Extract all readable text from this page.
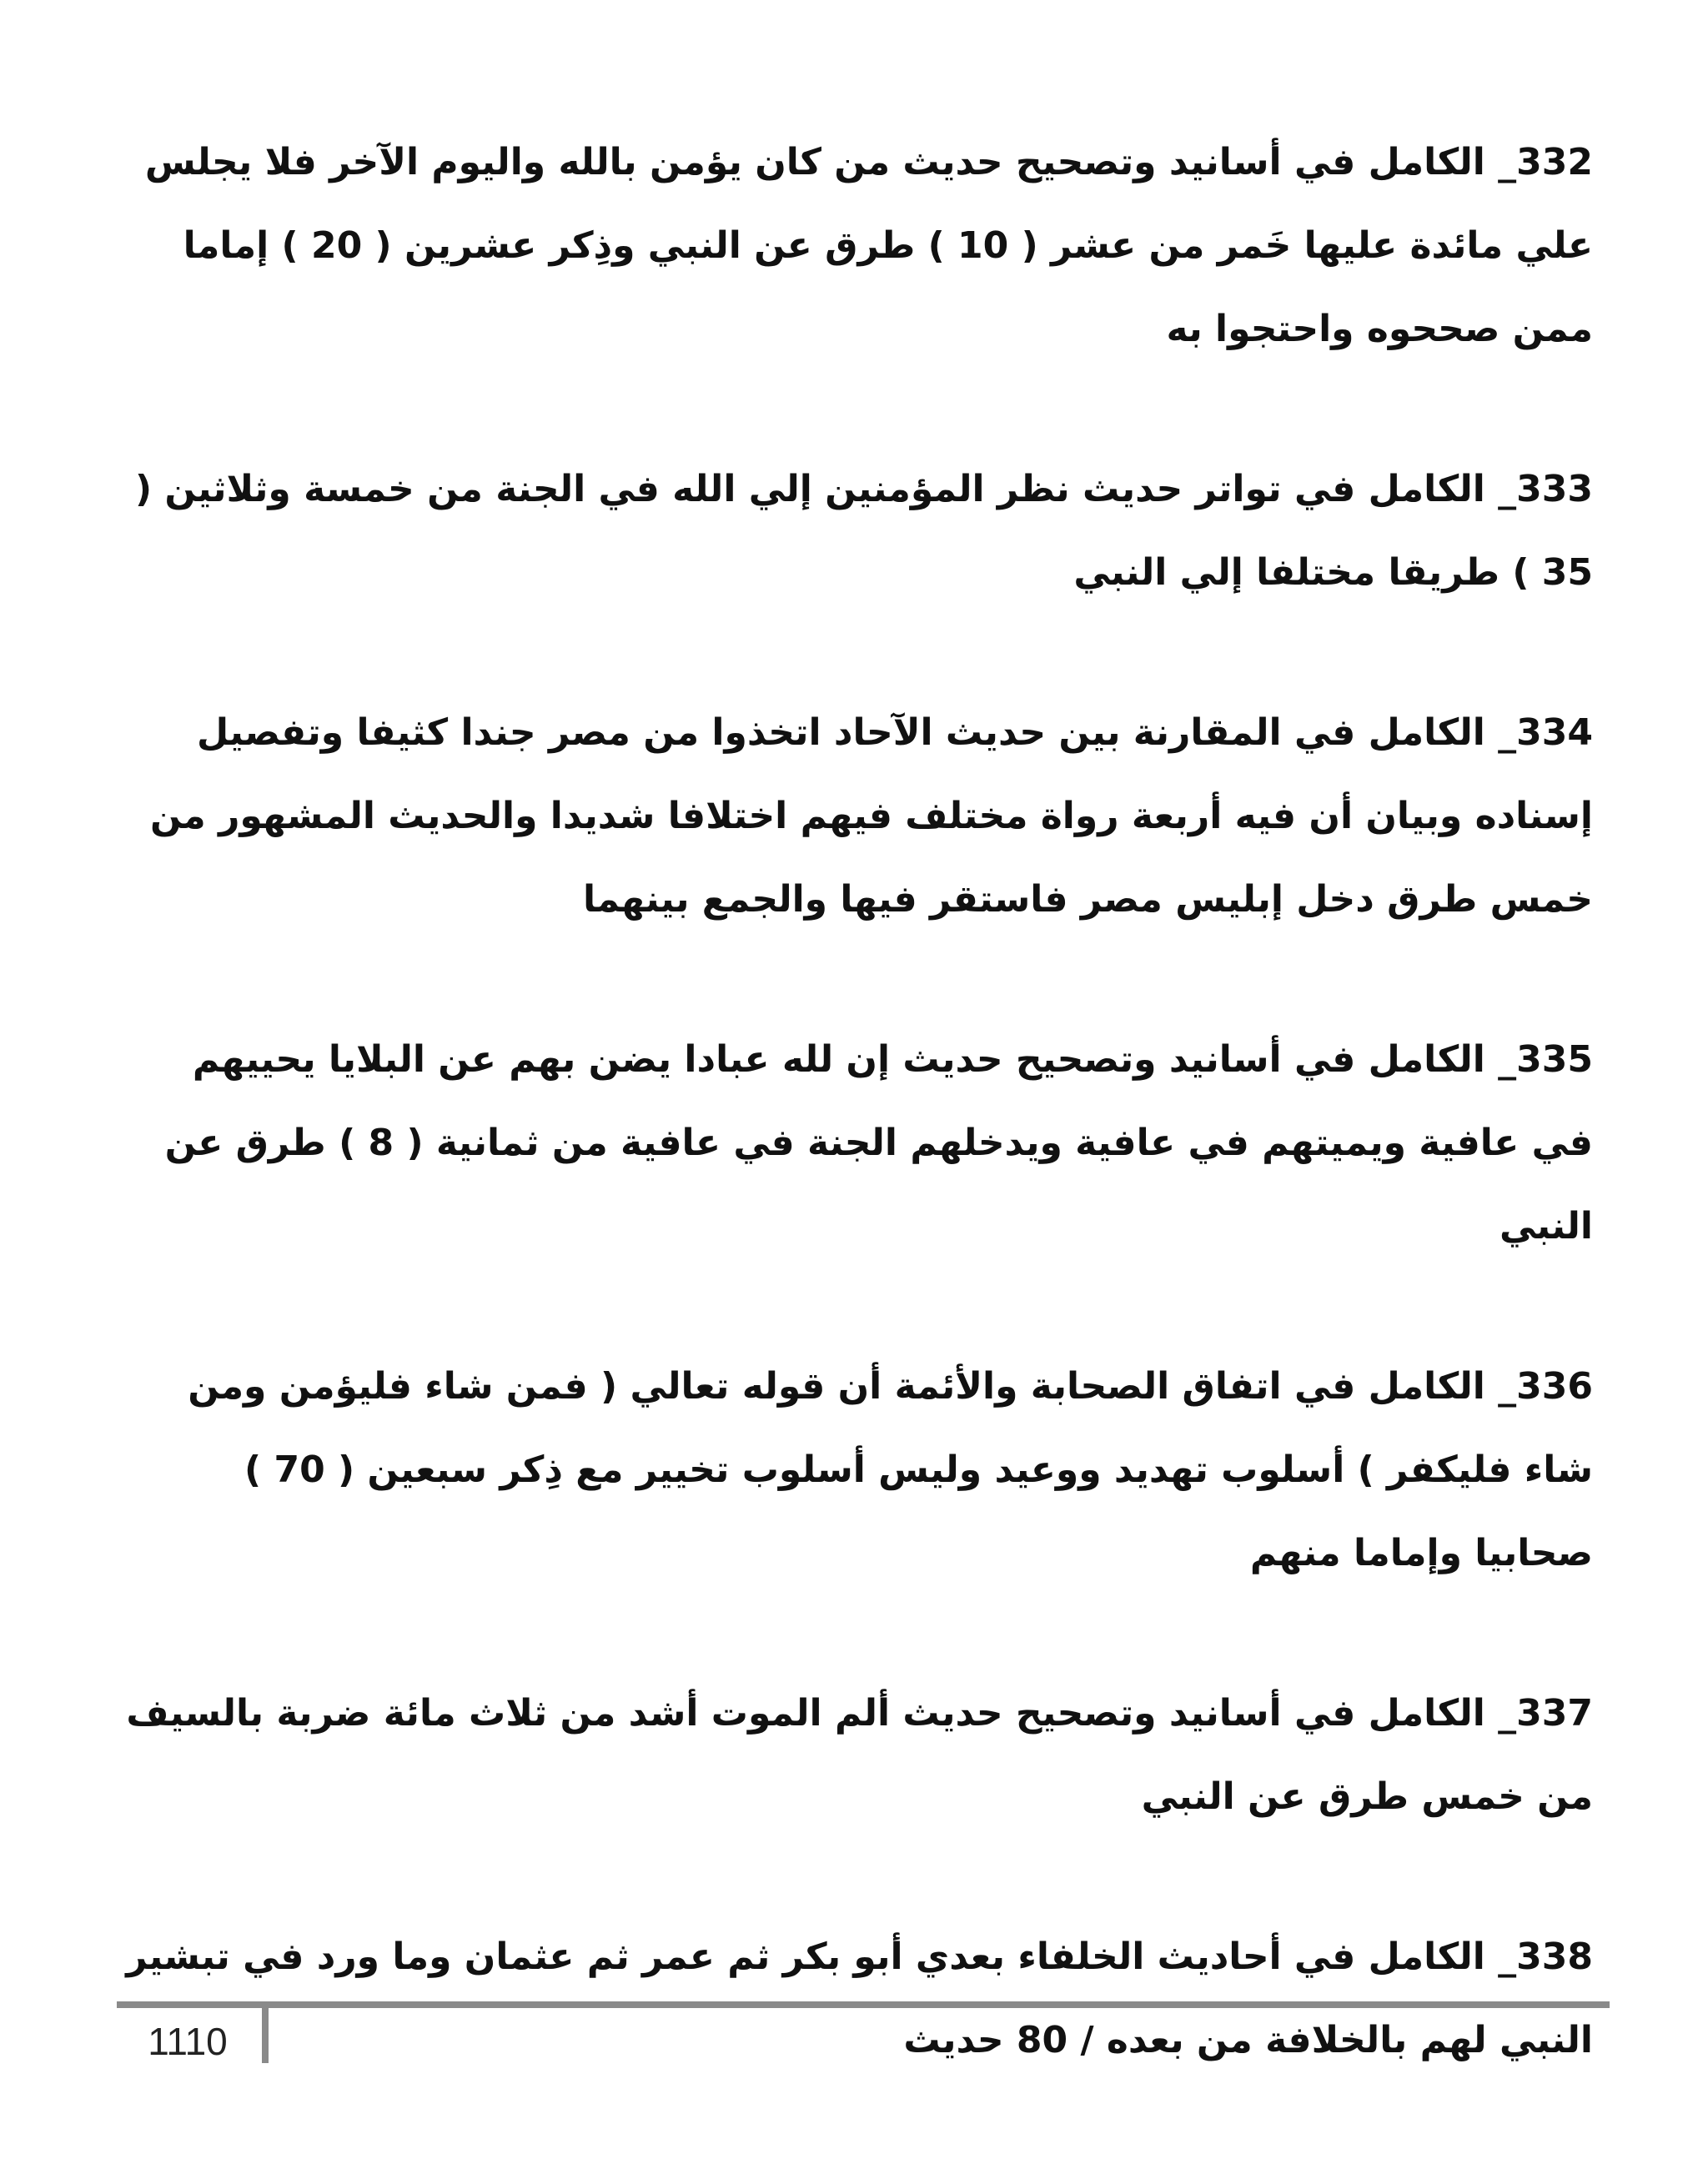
332_ الكامل في أسانيد وتصحيح حديث من كان يؤمن بالله واليوم الآخر فلا يجلس علي مائدة عليها خَمر من عشر ( 10 ) طرق عن النبي وذِكر عشرين ( 20 ) إماما ممن صححوه واحتجوا به

333_ الكامل في تواتر حديث نظر المؤمنين إلي الله في الجنة من خمسة وثلاثين ( 35 ) طريقا مختلفا إلي النبي

334_ الكامل في المقارنة بين حديث الآحاد اتخذوا من مصر جندا كثيفا وتفصيل إسناده وبيان أن فيه أربعة رواة مختلف فيهم اختلافا شديدا والحديث المشهور من خمس طرق دخل إبليس مصر فاستقر فيها والجمع بينهما

335_ الكامل في أسانيد وتصحيح حديث إن لله عبادا يضن بهم عن البلايا يحييهم في عافية ويميتهم في عافية ويدخلهم الجنة في عافية من ثمانية ( 8 ) طرق عن النبي

336_ الكامل في اتفاق الصحابة والأئمة أن قوله تعالي ( فمن شاء فليؤمن ومن شاء فليكفر ) أسلوب تهديد ووعيد وليس أسلوب تخيير مع ذِكر سبعين ( 70 ) صحابيا وإماما منهم

337_ الكامل في أسانيد وتصحيح حديث ألم الموت أشد من ثلاث مائة ضربة بالسيف من خمس طرق عن النبي

338_ الكامل في أحاديث الخلفاء بعدي أبو بكر ثم عمر ثم عثمان وما ورد في تبشير النبي لهم بالخلافة من بعده / 80 حديث

1110
